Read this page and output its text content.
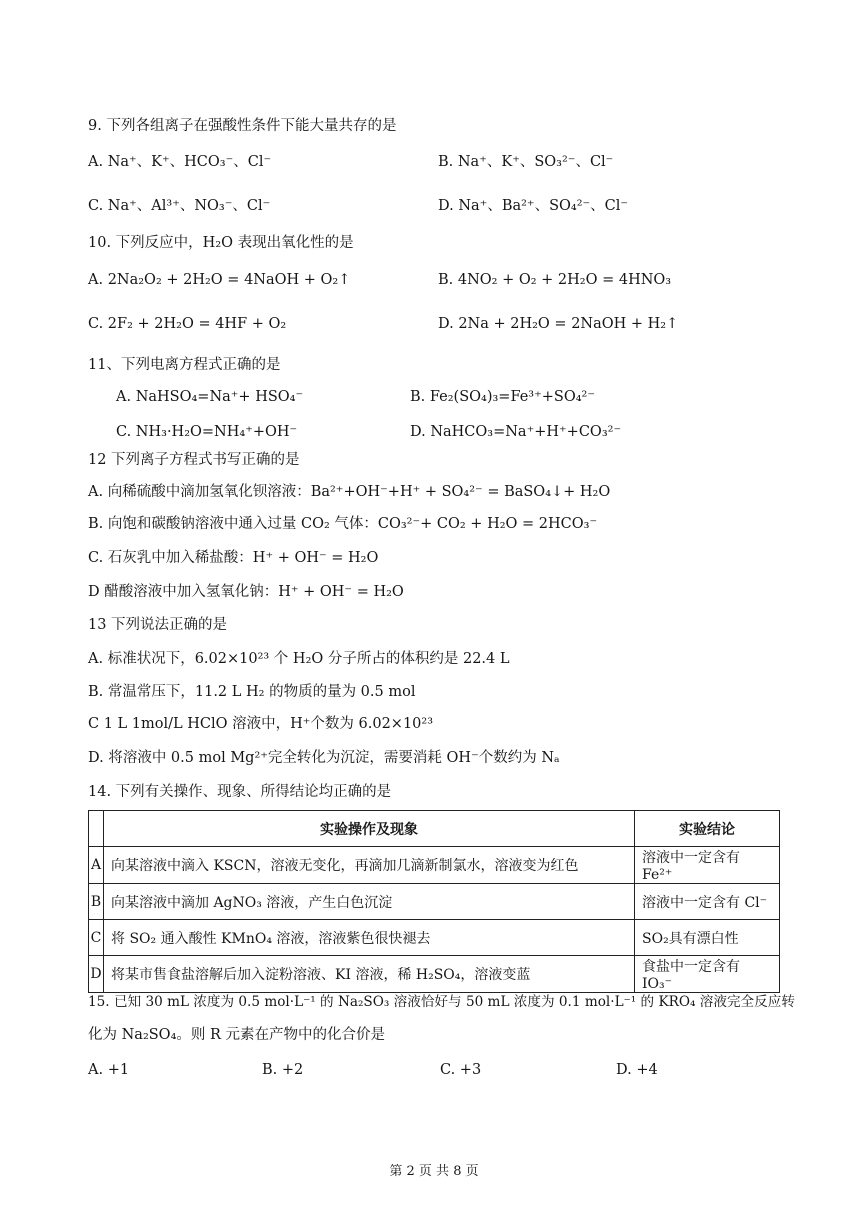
9. 下列各组离子在强酸性条件下能大量共存的是
A. Na⁺、K⁺、HCO₃⁻、Cl⁻	B. Na⁺、K⁺、SO₃²⁻、Cl⁻
C. Na⁺、Al³⁺、NO₃⁻、Cl⁻	D. Na⁺、Ba²⁺、SO₄²⁻、Cl⁻
10. 下列反应中，H₂O 表现出氧化性的是
A. 2Na₂O₂ + 2H₂O = 4NaOH + O₂↑	B. 4NO₂ + O₂ + 2H₂O = 4HNO₃
C. 2F₂ + 2H₂O = 4HF + O₂	D. 2Na + 2H₂O = 2NaOH + H₂↑
11、下列电离方程式正确的是
A. NaHSO₄=Na⁺+ HSO₄⁻	B. Fe₂(SO₄)₃=Fe³⁺+SO₄²⁻
C. NH₃·H₂O=NH₄⁺+OH⁻	D. NaHCO₃=Na⁺+H⁺+CO₃²⁻
12 下列离子方程式书写正确的是
A. 向稀硫酸中滴加氢氧化钡溶液：Ba²⁺+OH⁻+H⁺ + SO₄²⁻ = BaSO₄↓+ H₂O
B. 向饱和碳酸钠溶液中通入过量 CO₂ 气体：CO₃²⁻+ CO₂ + H₂O = 2HCO₃⁻
C. 石灰乳中加入稀盐酸：H⁺ + OH⁻ = H₂O
D 醋酸溶液中加入氢氧化钠：H⁺ + OH⁻ = H₂O
13 下列说法正确的是
A. 标准状况下，6.02×10²³ 个 H₂O 分子所占的体积约是 22.4 L
B. 常温常压下，11.2 L H₂ 的物质的量为 0.5 mol
C 1 L 1mol/L HClO 溶液中，H⁺个数为 6.02×10²³
D. 将溶液中 0.5 mol Mg²⁺完全转化为沉淀，需要消耗 OH⁻个数约为 Nₐ
14. 下列有关操作、现象、所得结论均正确的是
	实验操作及现象	实验结论
A	向某溶液中滴入 KSCN，溶液无变化，再滴加几滴新制氯水，溶液变为红色	溶液中一定含有 Fe²⁺
B	向某溶液中滴加 AgNO₃ 溶液，产生白色沉淀	溶液中一定含有 Cl⁻
C	将 SO₂ 通入酸性 KMnO₄ 溶液，溶液紫色很快褪去	SO₂具有漂白性
D	将某市售食盐溶解后加入淀粉溶液、KI 溶液，稀 H₂SO₄，溶液变蓝	食盐中一定含有 IO₃⁻
15. 已知 30 mL 浓度为 0.5 mol·L⁻¹ 的 Na₂SO₃ 溶液恰好与 50 mL 浓度为 0.1 mol·L⁻¹ 的 KRO₄ 溶液完全反应转
化为 Na₂SO₄。则 R 元素在产物中的化合价是
A. +1	B. +2	C. +3	D. +4
第 2 页 共 8 页
